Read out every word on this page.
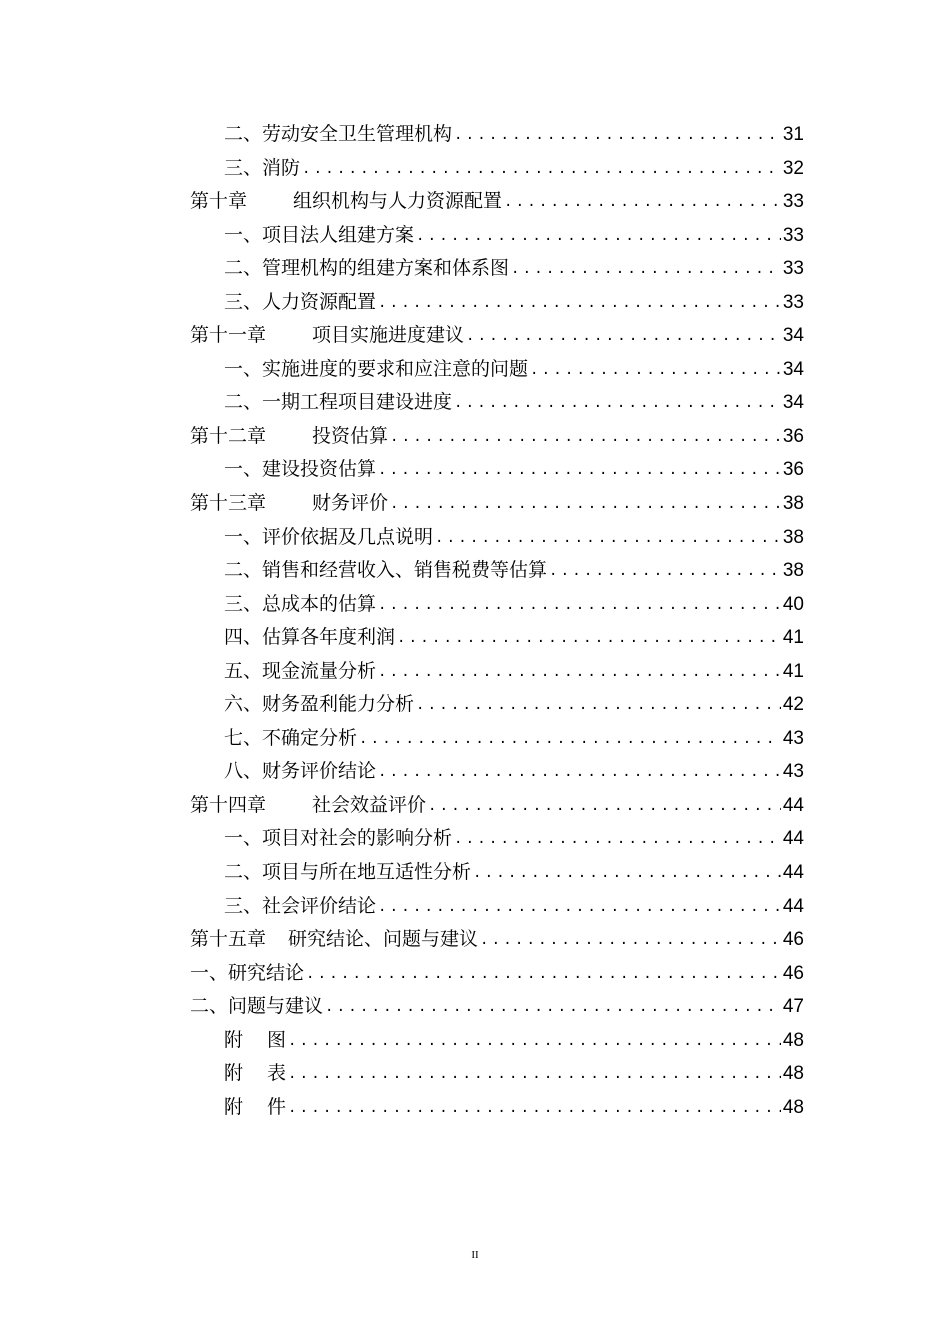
二、 劳动安全卫生管理机构 .....	31
三、 消防 .....	32
第十章 组织机构与人力资源配置 .....	33
一、 项目法人组建方案 .....	33
二、 管理机构的组建方案和体系图 .....	33
三、 人力资源配置 .....	33
第十一章 项目实施进度建议 .....	34
一、 实施进度的要求和应注意的问题 .....	34
二、 一期工程项目建设进度 .....	34
第十二章 投资估算 .....	36
一、 建设投资估算 .....	36
第十三章 财务评价 .....	38
一、 评价依据及几点说明 .....	38
二、 销售和经营收入、销售税费等估算 .....	38
三、 总成本的估算 .....	40
四、 估算各年度利润 .....	41
五、 现金流量分析 .....	41
六、 财务盈利能力分析 .....	42
七、 不确定分析 .....	43
八、 财务评价结论 .....	43
第十四章 社会效益评价 .....	44
一、 项目对社会的影响分析 .....	44
二、 项目与所在地互适性分析 .....	44
三、 社会评价结论 .....	44
第十五章 研究结论、问题与建议 .....	46
一、 研究结论 .....	46
二、 问题与建议 .....	47
附 图 .....	48
附 表 .....	48
附 件 .....	48
II
